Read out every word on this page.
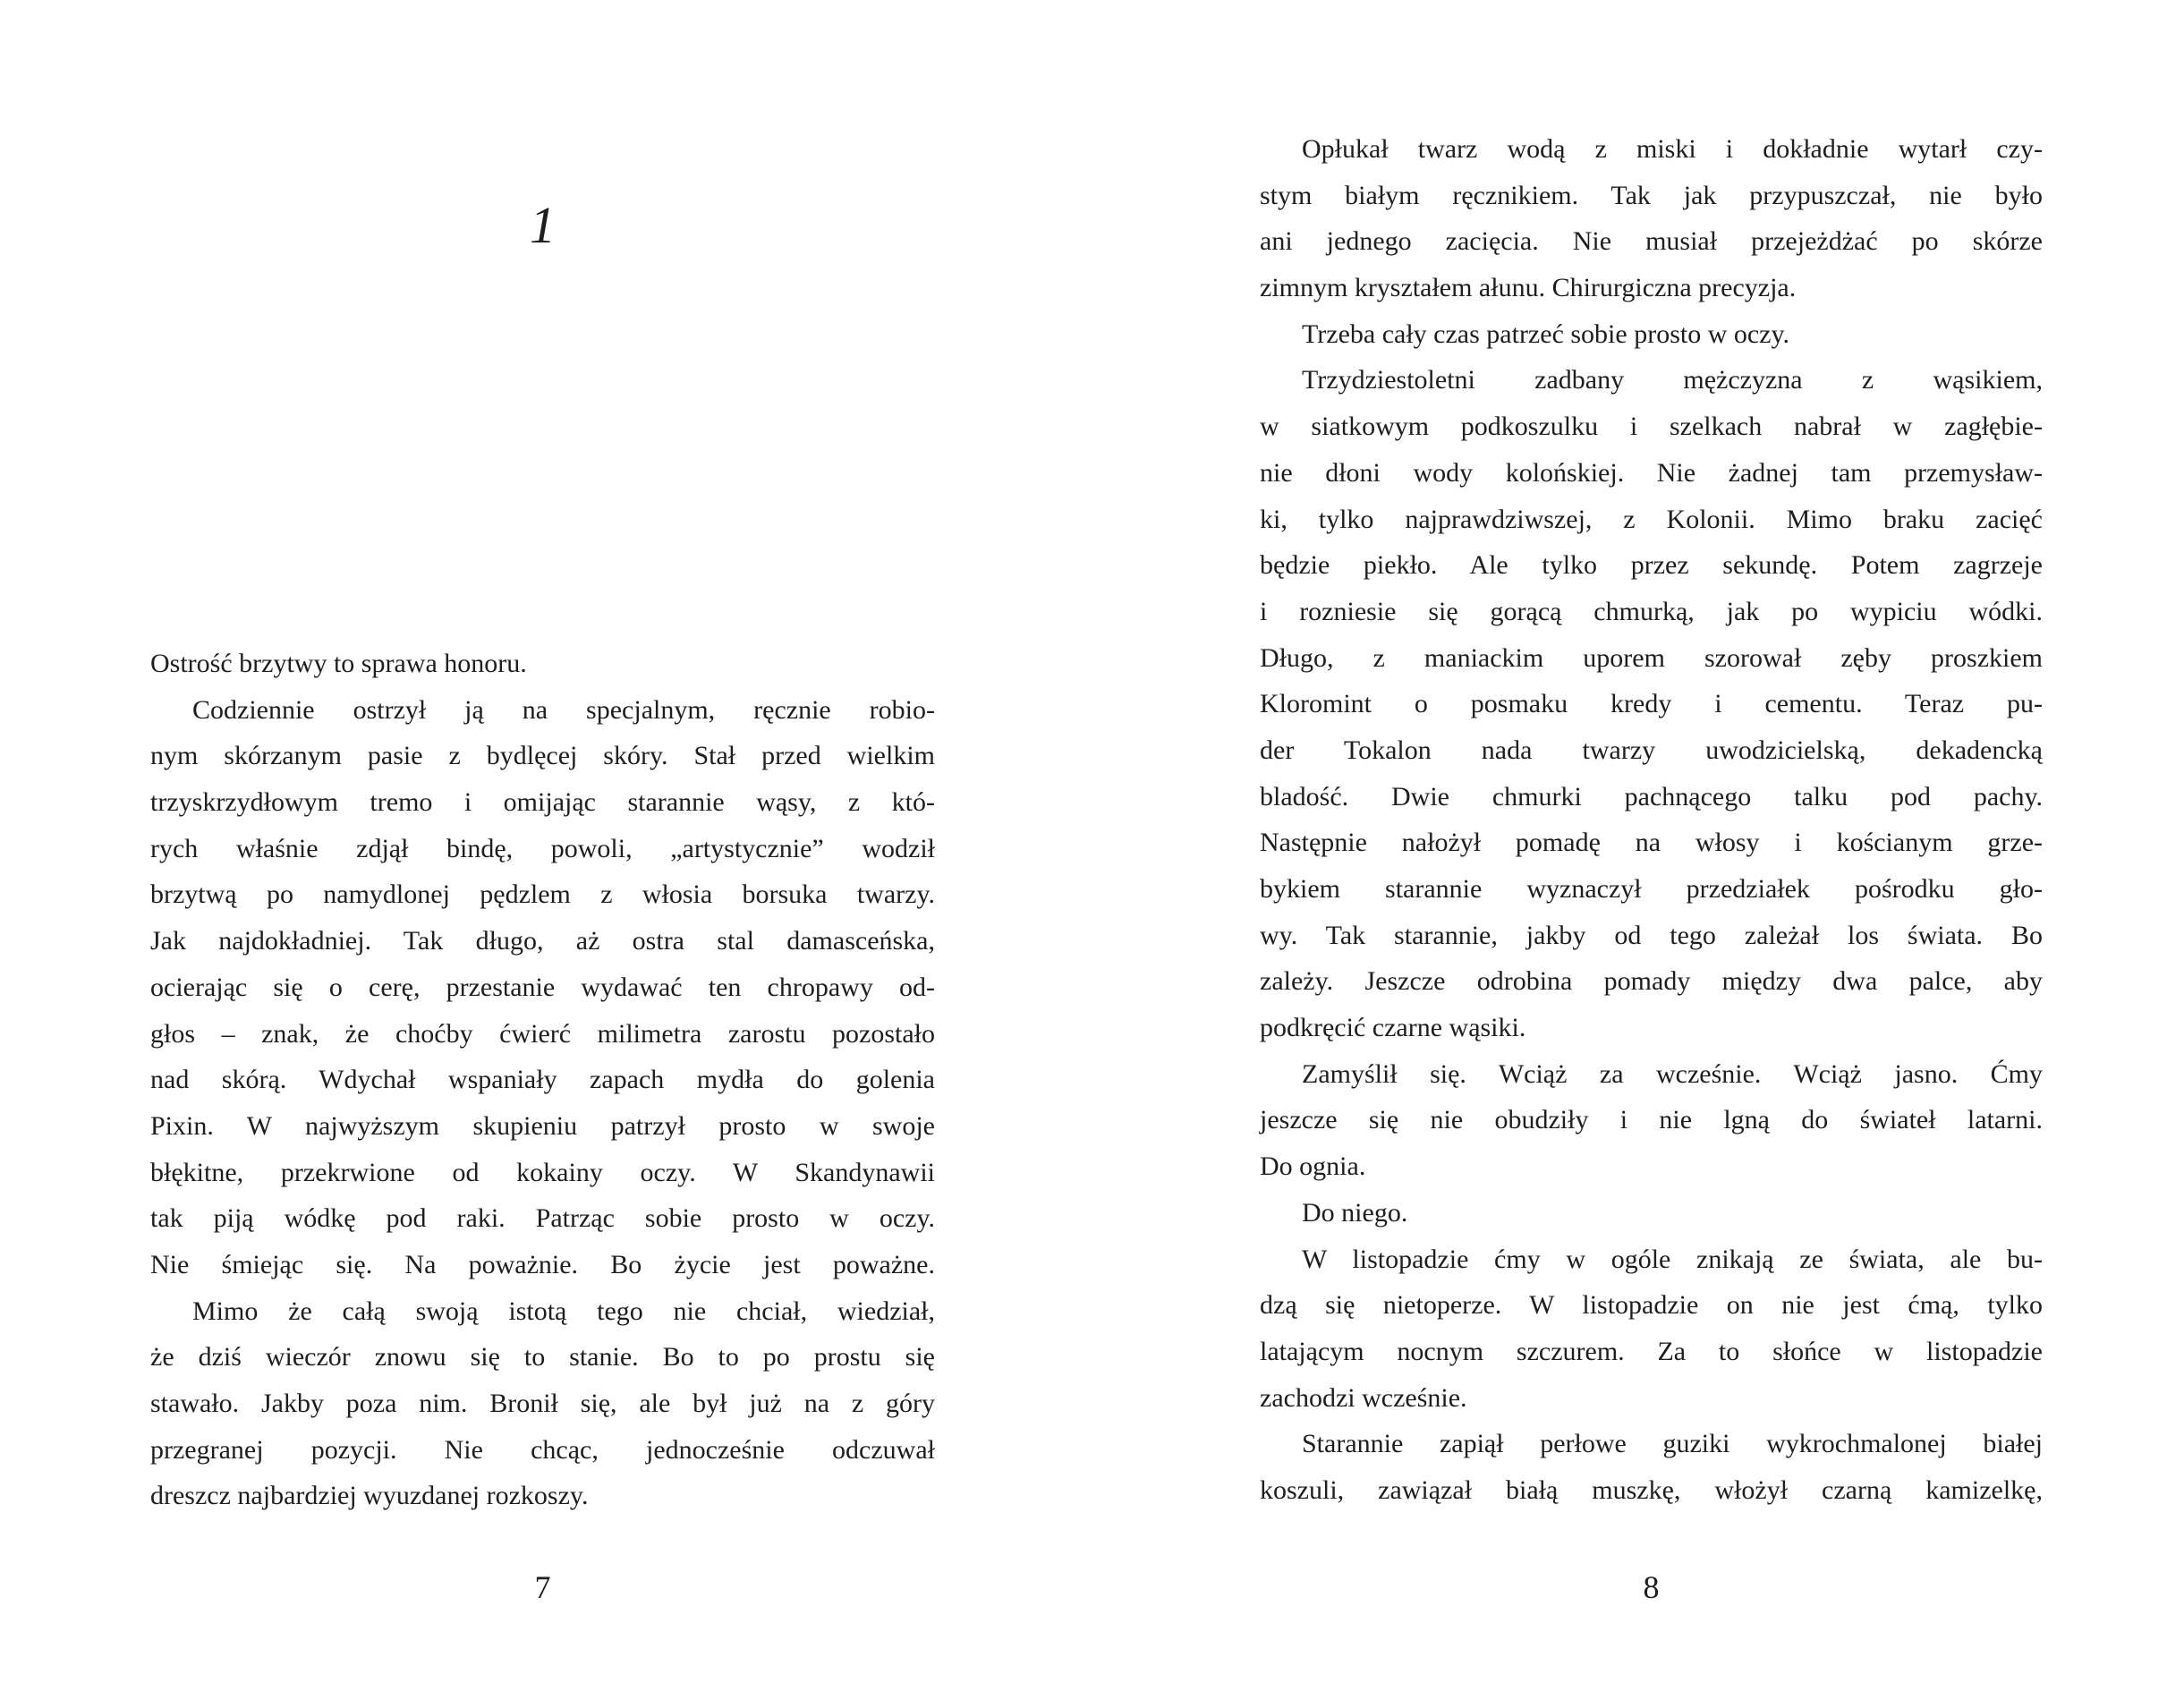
1
Ostrość brzytwy to sprawa honoru.
Codziennie ostrzył ją na specjalnym, ręcznie robio-
nym skórzanym pasie z bydlęcej skóry. Stał przed wielkim
trzyskrzydłowym tremo i omijając starannie wąsy, z któ-
rych właśnie zdjął bindę, powoli, „artystycznie” wodził
brzytwą po namydlonej pędzlem z włosia borsuka twarzy.
Jak najdokładniej. Tak długo, aż ostra stal damasceńska,
ocierając się o cerę, przestanie wydawać ten chropawy od-
głos – znak, że choćby ćwierć milimetra zarostu pozostało
nad skórą. Wdychał wspaniały zapach mydła do golenia
Pixin. W najwyższym skupieniu patrzył prosto w swoje
błękitne, przekrwione od kokainy oczy. W Skandynawii
tak piją wódkę pod raki. Patrząc sobie prosto w oczy.
Nie śmiejąc się. Na poważnie. Bo życie jest poważne.
Mimo że całą swoją istotą tego nie chciał, wiedział,
że dziś wieczór znowu się to stanie. Bo to po prostu się
stawało. Jakby poza nim. Bronił się, ale był już na z góry
przegranej pozycji. Nie chcąc, jednocześnie odczuwał
dreszcz najbardziej wyuzdanej rozkoszy.
7
Opłukał twarz wodą z miski i dokładnie wytarł czy-
stym białym ręcznikiem. Tak jak przypuszczał, nie było
ani jednego zacięcia. Nie musiał przejeżdżać po skórze
zimnym kryształem ałunu. Chirurgiczna precyzja.
Trzeba cały czas patrzeć sobie prosto w oczy.
Trzydziestoletni zadbany mężczyzna z wąsikiem,
w siatkowym podkoszulku i szelkach nabrał w zagłębie-
nie dłoni wody kolońskiej. Nie żadnej tam przemysław-
ki, tylko najprawdziwszej, z Kolonii. Mimo braku zacięć
będzie piekło. Ale tylko przez sekundę. Potem zagrzeje
i rozniesie się gorącą chmurką, jak po wypiciu wódki.
Długo, z maniackim uporem szorował zęby proszkiem
Kloromint o posmaku kredy i cementu. Teraz pu-
der Tokalon nada twarzy uwodzicielską, dekadencką
bladość. Dwie chmurki pachnącego talku pod pachy.
Następnie nałożył pomadę na włosy i kościanym grze-
bykiem starannie wyznaczył przedziałek pośrodku gło-
wy. Tak starannie, jakby od tego zależał los świata. Bo
zależy. Jeszcze odrobina pomady między dwa palce, aby
podkręcić czarne wąsiki.
Zamyślił się. Wciąż za wcześnie. Wciąż jasno. Ćmy
jeszcze się nie obudziły i nie lgną do świateł latarni.
Do ognia.
Do niego.
W listopadzie ćmy w ogóle znikają ze świata, ale bu-
dzą się nietoperze. W listopadzie on nie jest ćmą, tylko
latającym nocnym szczurem. Za to słońce w listopadzie
zachodzi wcześnie.
Starannie zapiął perłowe guziki wykrochmalonej białej
koszuli, zawiązał białą muszkę, włożył czarną kamizelkę,
8
